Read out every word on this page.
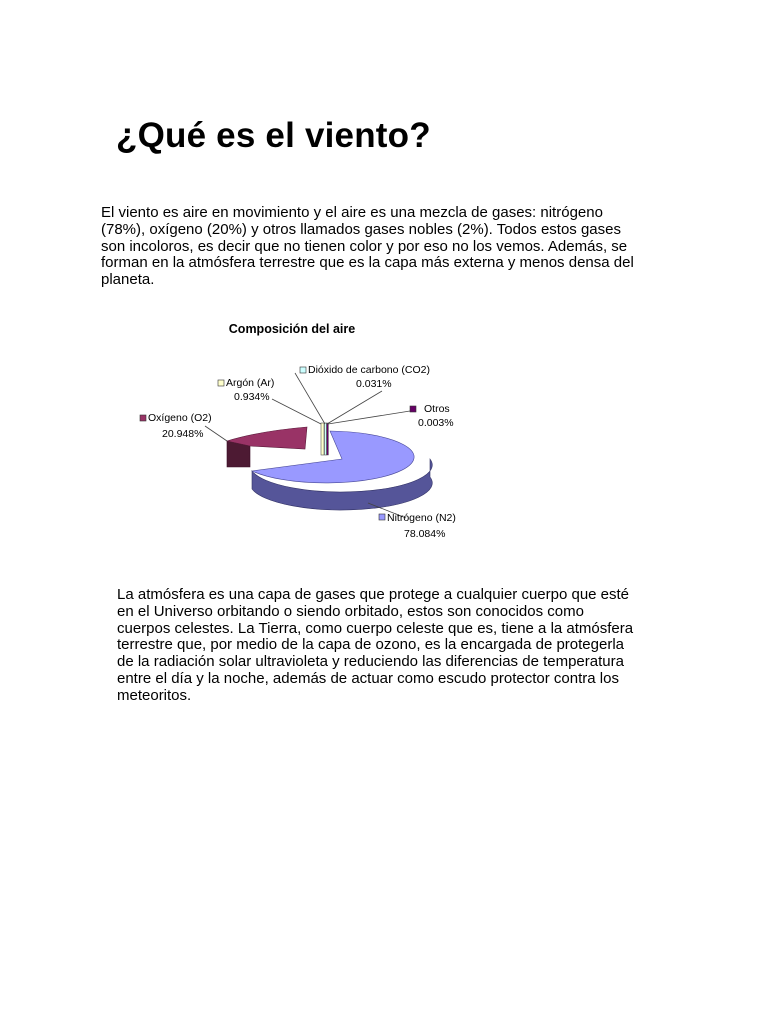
¿Qué es el viento?

El viento es aire en movimiento y el aire es una mezcla de gases: nitrógeno
(78%), oxígeno (20%) y otros llamados gases nobles (2%). Todos estos gases
son incoloros, es decir que no tienen color y por eso no los vemos. Además, se
forman en la atmósfera terrestre que es la capa más externa y menos densa del
planeta.

Composición del aire
Dióxido de carbono (CO2)
0.031%
Argón (Ar)
0.934%
Otros
0.003%
Oxígeno (O2)
20.948%
Nitrógeno (N2)
78.084%

La atmósfera es una capa de gases que protege a cualquier cuerpo que esté
en el Universo orbitando o siendo orbitado, estos son conocidos como
cuerpos celestes. La Tierra, como cuerpo celeste que es, tiene a la atmósfera
terrestre que, por medio de la capa de ozono, es la encargada de protegerla
de la radiación solar ultravioleta y reduciendo las diferencias de temperatura
entre el día y la noche, además de actuar como escudo protector contra los
meteoritos.
